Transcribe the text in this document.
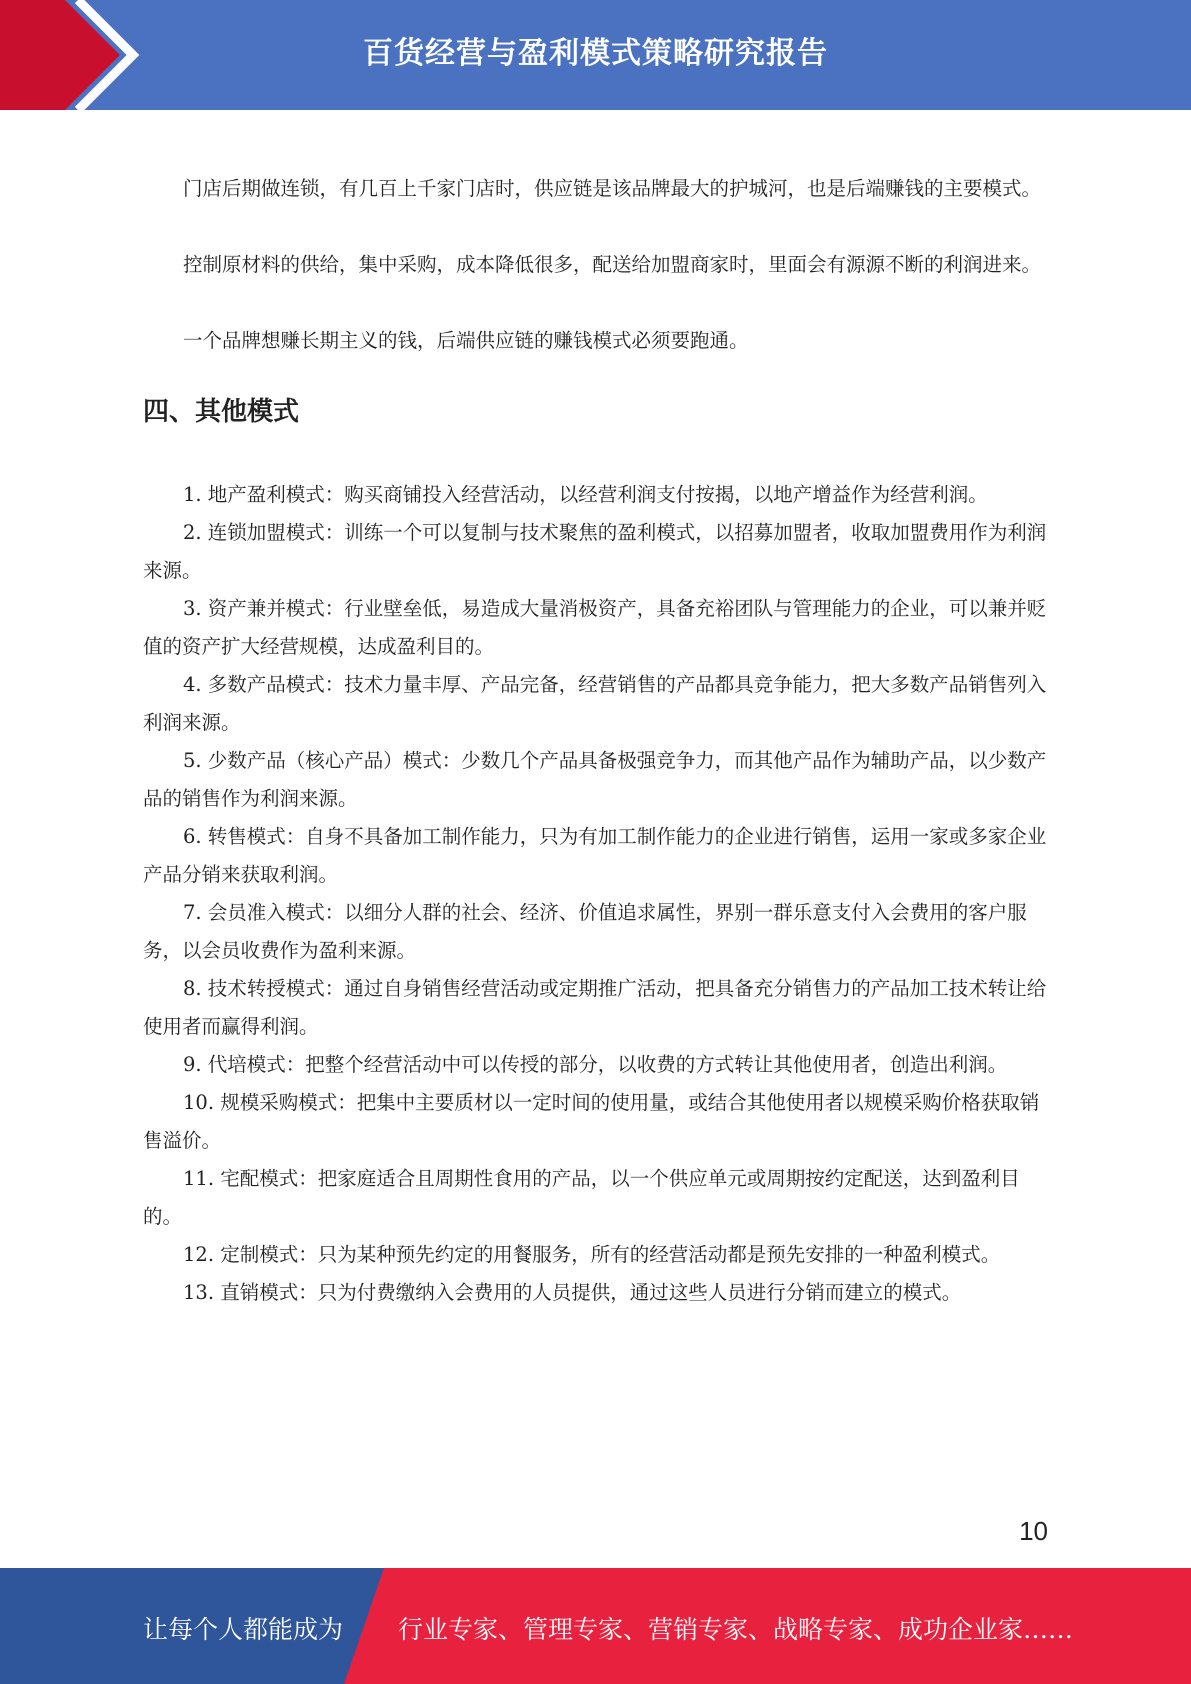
百货经营与盈利模式策略研究报告

门店后期做连锁，有几百上千家门店时，供应链是该品牌最大的护城河，也是后端赚钱的主要模式。

控制原材料的供给，集中采购，成本降低很多，配送给加盟商家时，里面会有源源不断的利润进来。

一个品牌想赚长期主义的钱，后端供应链的赚钱模式必须要跑通。

四、其他模式

1. 地产盈利模式：购买商铺投入经营活动，以经营利润支付按揭，以地产增益作为经营利润。

2. 连锁加盟模式：训练一个可以复制与技术聚焦的盈利模式，以招募加盟者，收取加盟费用作为利润来源。

3. 资产兼并模式：行业壁垒低，易造成大量消极资产，具备充裕团队与管理能力的企业，可以兼并贬值的资产扩大经营规模，达成盈利目的。

4. 多数产品模式：技术力量丰厚、产品完备，经营销售的产品都具竞争能力，把大多数产品销售列入利润来源。

5. 少数产品（核心产品）模式：少数几个产品具备极强竞争力，而其他产品作为辅助产品，以少数产品的销售作为利润来源。

6. 转售模式：自身不具备加工制作能力，只为有加工制作能力的企业进行销售，运用一家或多家企业产品分销来获取利润。

7. 会员准入模式：以细分人群的社会、经济、价值追求属性，界别一群乐意支付入会费用的客户服务，以会员收费作为盈利来源。

8. 技术转授模式：通过自身销售经营活动或定期推广活动，把具备充分销售力的产品加工技术转让给使用者而赢得利润。

9. 代培模式：把整个经营活动中可以传授的部分，以收费的方式转让其他使用者，创造出利润。

10. 规模采购模式：把集中主要质材以一定时间的使用量，或结合其他使用者以规模采购价格获取销售溢价。

11. 宅配模式：把家庭适合且周期性食用的产品，以一个供应单元或周期按约定配送，达到盈利目的。

12. 定制模式：只为某种预先约定的用餐服务，所有的经营活动都是预先安排的一种盈利模式。

13. 直销模式：只为付费缴纳入会费用的人员提供，通过这些人员进行分销而建立的模式。

10
让每个人都能成为 行业专家、管理专家、营销专家、战略专家、成功企业家……
